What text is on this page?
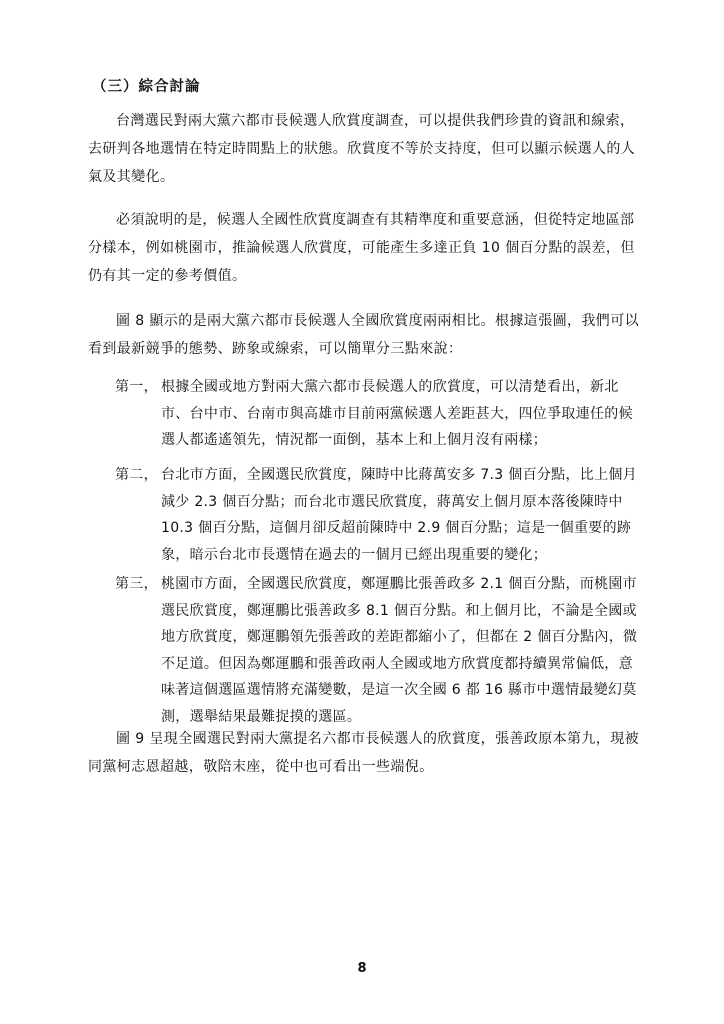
（三）綜合討論

台灣選民對兩大黨六都市長候選人欣賞度調查，可以提供我們珍貴的資訊和線索，去研判各地選情在特定時間點上的狀態。欣賞度不等於支持度，但可以顯示候選人的人氣及其變化。

必須說明的是，候選人全國性欣賞度調查有其精準度和重要意涵，但從特定地區部分樣本，例如桃園市，推論候選人欣賞度，可能產生多達正負 10 個百分點的誤差，但仍有其一定的參考價值。

圖 8 顯示的是兩大黨六都市長候選人全國欣賞度兩兩相比。根據這張圖，我們可以看到最新競爭的態勢、跡象或線索，可以簡單分三點來說：

第一， 根據全國或地方對兩大黨六都市長候選人的欣賞度，可以清楚看出，新北市、台中市、台南市與高雄市目前兩黨候選人差距甚大，四位爭取連任的候選人都遙遙領先，情況都一面倒，基本上和上個月沒有兩樣；

第二， 台北市方面，全國選民欣賞度，陳時中比蔣萬安多 7.3 個百分點，比上個月減少 2.3 個百分點；而台北市選民欣賞度，蔣萬安上個月原本落後陳時中 10.3 個百分點，這個月卻反超前陳時中 2.9 個百分點；這是一個重要的跡象，暗示台北市長選情在過去的一個月已經出現重要的變化；

第三， 桃園市方面，全國選民欣賞度，鄭運鵬比張善政多 2.1 個百分點，而桃園市選民欣賞度，鄭運鵬比張善政多 8.1 個百分點。和上個月比，不論是全國或地方欣賞度，鄭運鵬領先張善政的差距都縮小了，但都在 2 個百分點內，微不足道。但因為鄭運鵬和張善政兩人全國或地方欣賞度都持續異常偏低，意味著這個選區選情將充滿變數，是這一次全國 6 都 16 縣市中選情最變幻莫測，選舉結果最難捉摸的選區。

圖 9 呈現全國選民對兩大黨提名六都市長候選人的欣賞度，張善政原本第九，現被同黨柯志恩超越，敬陪末座，從中也可看出一些端倪。

8
